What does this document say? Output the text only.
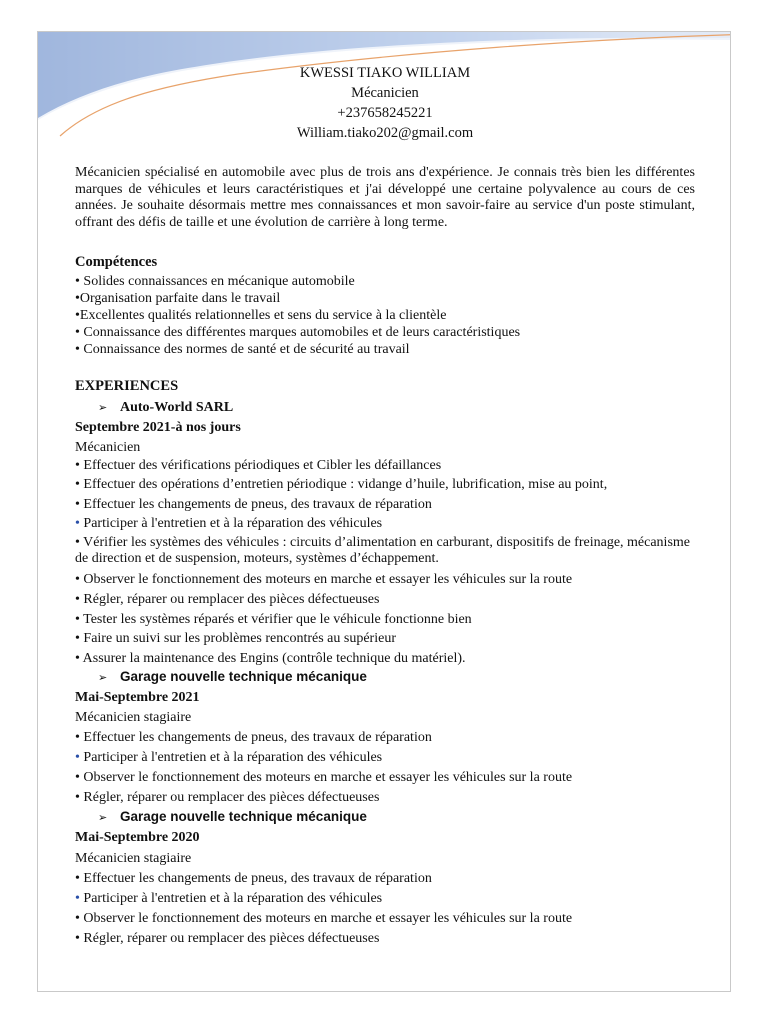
KWESSI TIAKO WILLIAM
Mécanicien
+237658245221
William.tiako202@gmail.com
Mécanicien spécialisé en automobile avec plus de trois ans d'expérience. Je connais très bien les différentes marques de véhicules et leurs caractéristiques et j'ai développé une certaine polyvalence au cours de ces années. Je souhaite désormais mettre mes connaissances et mon savoir-faire au service d'un poste stimulant, offrant des défis de taille et une évolution de carrière à long terme.
Compétences
• Solides connaissances en mécanique automobile
•Organisation parfaite dans le travail
•Excellentes qualités relationnelles et sens du service à la clientèle
• Connaissance des différentes marques automobiles et de leurs caractéristiques
• Connaissance des normes de santé et de sécurité au travail
EXPERIENCES
➢ Auto-World SARL
Septembre 2021-à nos jours
Mécanicien
• Effectuer des vérifications périodiques et Cibler les défaillances
• Effectuer des opérations d’entretien périodique : vidange d’huile, lubrification, mise au point,
• Effectuer les changements de pneus, des travaux de réparation
• Participer à l'entretien et à la réparation des véhicules
• Vérifier les systèmes des véhicules : circuits d’alimentation en carburant, dispositifs de freinage, mécanisme de direction et de suspension, moteurs, systèmes d’échappement.
• Observer le fonctionnement des moteurs en marche et essayer les véhicules sur la route
• Régler, réparer ou remplacer des pièces défectueuses
• Tester les systèmes réparés et vérifier que le véhicule fonctionne bien
• Faire un suivi sur les problèmes rencontrés au supérieur
• Assurer la maintenance des Engins (contrôle technique du matériel).
➢ Garage nouvelle technique mécanique
Mai-Septembre 2021
Mécanicien stagiaire
• Effectuer les changements de pneus, des travaux de réparation
• Participer à l'entretien et à la réparation des véhicules
• Observer le fonctionnement des moteurs en marche et essayer les véhicules sur la route
• Régler, réparer ou remplacer des pièces défectueuses
➢ Garage nouvelle technique mécanique
Mai-Septembre 2020
Mécanicien stagiaire
• Effectuer les changements de pneus, des travaux de réparation
• Participer à l'entretien et à la réparation des véhicules
• Observer le fonctionnement des moteurs en marche et essayer les véhicules sur la route
• Régler, réparer ou remplacer des pièces défectueuses
